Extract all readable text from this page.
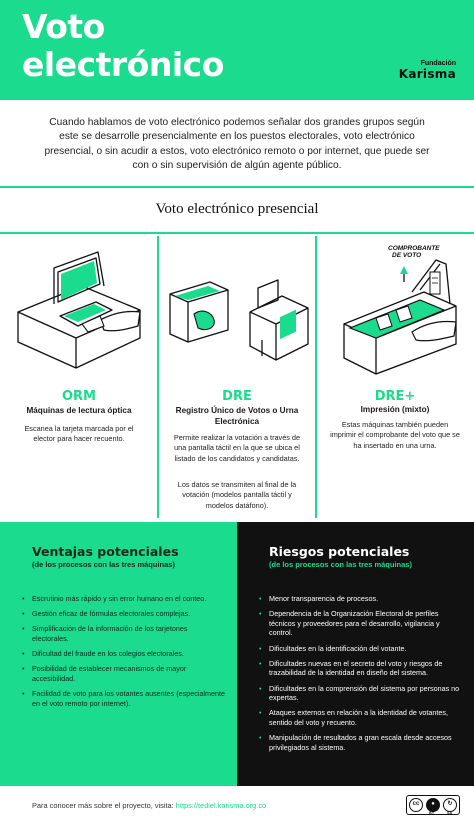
Voto
electrónico	Fundación
Karisma
Cuando hablamos de voto electrónico podemos señalar dos grandes grupos según este se desarrolle presencialmente en los puestos electorales, voto electrónico presencial, o sin acudir a estos, voto electrónico remoto o por internet, que puede ser con o sin supervisión de algún agente público.
Voto electrónico presencial
ORM
Máquinas de lectura óptica
Escanea la tarjeta marcada por el elector para hacer recuento.
DRE
Registro Único de Votos o Urna Electrónica
Permite realizar la votación a través de una pantalla táctil en la que se ubica el listado de los candidatos y candidatas.
Los datos se transmiten al final de la votación (modelos pantalla táctil y modelos datáfono).
COMPROBANTE
DE VOTO
DRE+
Impresión (mixto)
Estas máquinas también pueden imprimir el comprobante del voto que se ha insertado en una urna.
Ventajas potenciales
(de los procesos con las tres máquinas)
• Escrutinio más rápido y sin error humano en el conteo.
• Gestión eficaz de fórmulas electorales complejas.
• Simplificación de la información de los tarjetones electorales.
• Dificultad del fraude en los colegios electorales.
• Posibilidad de establecer mecanismos de mayor accesibilidad.
• Facilidad de voto para los votantes ausentes (especialmente en el voto remoto por internet).
Riesgos potenciales
(de los procesos con las tres máquinas)
• Menor transparencia de procesos.
• Dependencia de la Organización Electoral de perfiles técnicos y proveedores para el desarrollo, vigilancia y control.
• Dificultades en la identificación del votante.
• Dificultades nuevas en el secreto del voto y riesgos de trazabilidad de la identidad en diseño del sistema.
• Dificultades en la comprensión del sistema por personas no expertas.
• Ataques externos en relación a la identidad de votantes, sentido del voto y recuento.
• Manipulación de resultados a gran escala desde accesos privilegiados al sistema.
Para conocer más sobre el proyecto, visita: https://tediel.karisma.org.co	cc	●	↻
BY	SA
